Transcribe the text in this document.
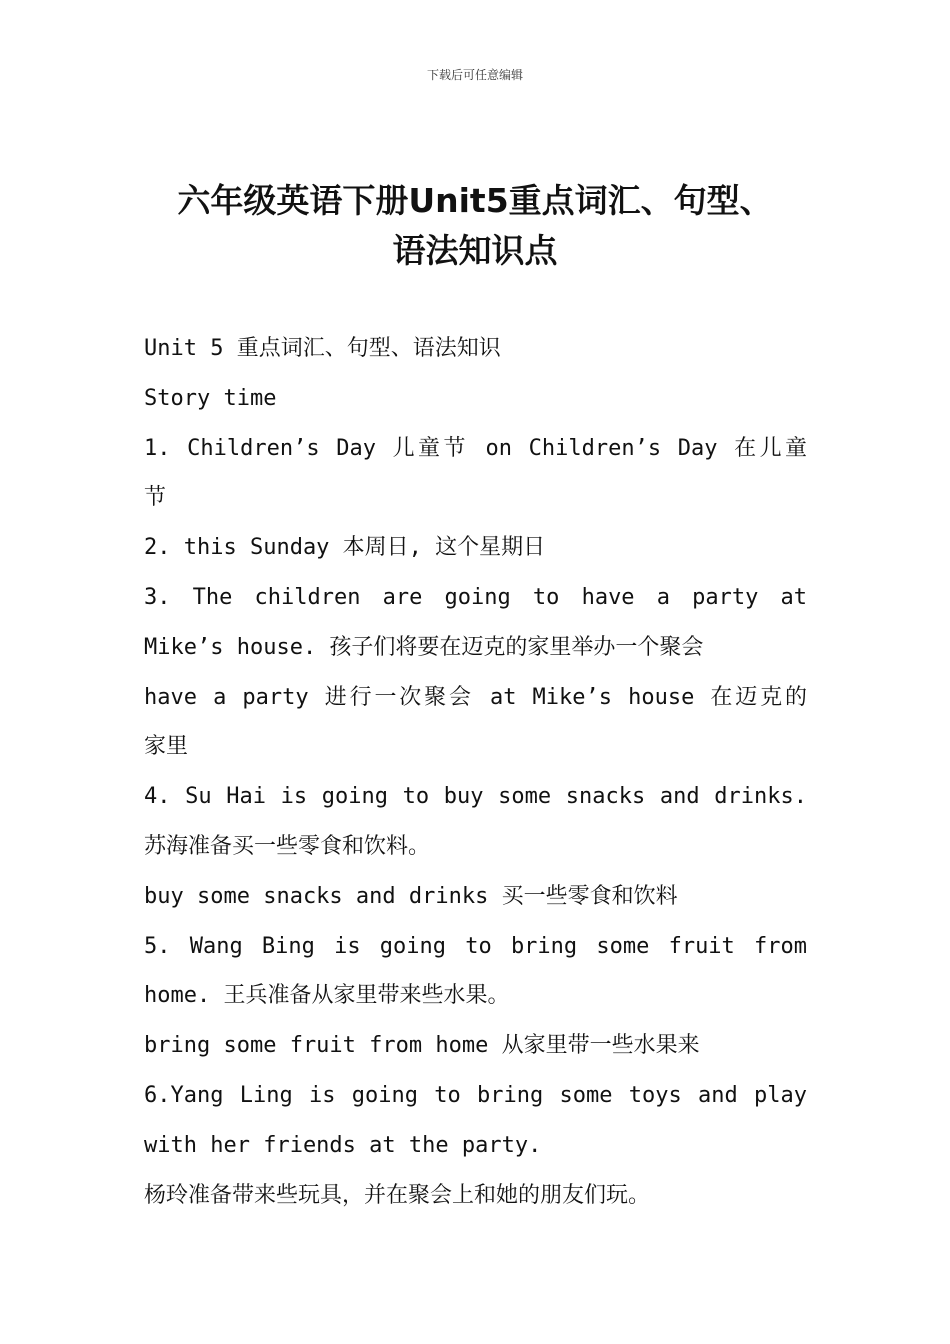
下载后可任意编辑
六年级英语下册Unit5重点词汇、句型、
语法知识点
Unit 5 重点词汇、句型、语法知识
Story time
1. Children’s Day 儿童节 on Children’s Day 在儿童
节
2. this Sunday 本周日, 这个星期日
3. The children are going to have a party at
Mike’s house. 孩子们将要在迈克的家里举办一个聚会
have a party 进行一次聚会 at Mike’s house 在迈克的
家里
4. Su Hai is going to buy some snacks and drinks.
苏海准备买一些零食和饮料。
buy some snacks and drinks 买一些零食和饮料
5. Wang Bing is going to bring some fruit from
home. 王兵准备从家里带来些水果。
bring some fruit from home 从家里带一些水果来
6.Yang Ling is going to bring some toys and play
with her friends at the party.
杨玲准备带来些玩具，并在聚会上和她的朋友们玩。
